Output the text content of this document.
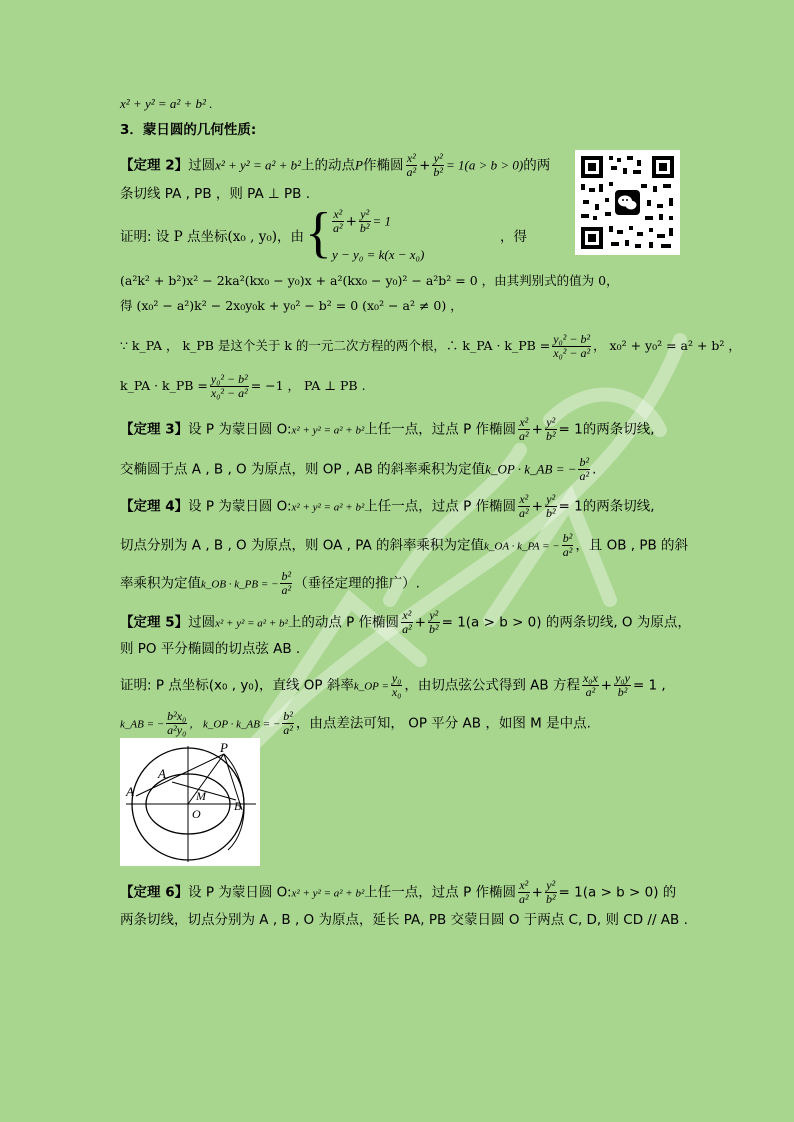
x² + y² = a² + b² .
3．蒙日圆的几何性质:
【定理 2】过圆x² + y² = a² + b²上的动点P作椭圆 $\frac{\text{x²}}{\text{a²}} + \frac{\text{y²}}{\text{b²}} = 1(a > b > 0)$的两
条切线 PA , PB ，则 PA ⊥ PB .
证明: 设 P 点坐标(x₀ , y₀)，由 { $\frac{\text{x²}}{\text{a²}} + \frac{\text{y²}}{\text{b²}} = 1$
y − y₀ = k(x − x₀)
，得
(a²k² + b²)x² − 2ka²(kx₀ − y₀)x + a²(kx₀ − y₀)² − a²b² = 0 ，由其判别式的值为 0，
得 (x₀² − a²)k² − 2x₀y₀k + y₀² − b² = 0 (x₀² − a² ≠ 0) ，
∵ k_PA ， k_PB 是这个关于 k 的一元二次方程的两个根，∴ k_PA · k_PB = $\frac{\text{y₀² − b²}}{\text{x₀² − a²}}$ ， x₀² + y₀² = a² + b² ，
k_PA · k_PB = $\frac{\text{y₀² − b²}}{\text{x₀² − a²}} = -1$ ， PA ⊥ PB .
【定理 3】设 P 为蒙日圆 O:x² + y² = a² + b²上任一点，过点 P 作椭圆 $\frac{\text{x²}}{\text{a²}} + \frac{\text{y²}}{\text{b²}} = 1$的两条切线,
交椭圆于点 A , B , O 为原点，则 OP , AB 的斜率乘积为定值k_OP · k_AB = − $\frac{\text{b²}}{\text{a²}}$ .
【定理 4】设 P 为蒙日圆 O:x² + y² = a² + b²上任一点，过点 P 作椭圆 $\frac{\text{x²}}{\text{a²}} + \frac{\text{y²}}{\text{b²}} = 1$的两条切线,
切点分别为 A , B , O 为原点，则 OA , PA 的斜率乘积为定值k_OA · k_PA = − $\frac{\text{b²}}{\text{a²}}$ ，且 OB , PB 的斜
率乘积为定值k_OB · k_PB = − $\frac{\text{b²}}{\text{a²}}$ （垂径定理的推广）.
【定理 5】过圆x² + y² = a² + b²上的动点 P 作椭圆 $\frac{\text{x²}}{\text{a²}} + \frac{\text{y²}}{\text{b²}} = 1(a > b > 0)$ 的两条切线, O 为原点，
则 PO 平分椭圆的切点弦 AB .
证明: P 点坐标(x₀ , y₀)，直线 OP 斜率k_OP = $\frac{\text{y₀}}{\text{x₀}}$ ，由切点弦公式得到 AB 方程 $\frac{\text{x₀x}}{\text{a²}} + \frac{\text{y₀y}}{\text{b²}} = 1$ ,
k_AB = − $\frac{\text{b²x₀}}{\text{a²y₀}}$ ， k_OP · k_AB = − $\frac{\text{b²}}{\text{a²}}$ ，由点差法可知， OP 平分 AB ，如图 M 是中点.
P
A
A	M
O
B
【定理 6】设 P 为蒙日圆 O:x² + y² = a² + b²上任一点，过点 P 作椭圆 $\frac{\text{x²}}{\text{a²}} + \frac{\text{y²}}{\text{b²}} = 1(a > b > 0)$ 的
两条切线，切点分别为 A , B , O 为原点，延长 PA, PB 交蒙日圆 O 于两点 C, D, 则 CD // AB .
